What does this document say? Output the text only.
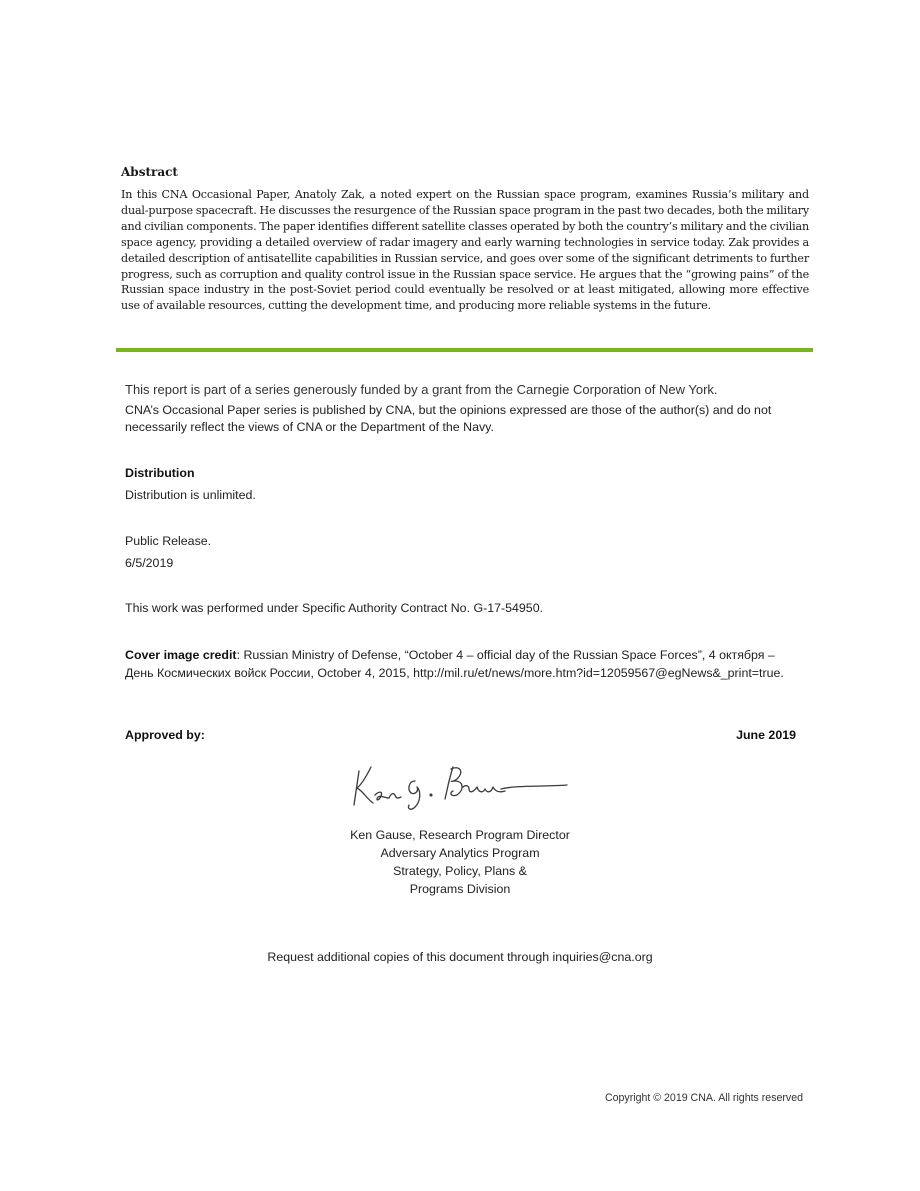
Abstract
In this CNA Occasional Paper, Anatoly Zak, a noted expert on the Russian space program, examines Russia’s military and dual-purpose spacecraft. He discusses the resurgence of the Russian space program in the past two decades, both the military and civilian components. The paper identifies different satellite classes operated by both the country’s military and the civilian space agency, providing a detailed overview of radar imagery and early warning technologies in service today. Zak provides a detailed description of antisatellite capabilities in Russian service, and goes over some of the significant detriments to further progress, such as corruption and quality control issue in the Russian space service. He argues that the “growing pains” of the Russian space industry in the post-Soviet period could eventually be resolved or at least mitigated, allowing more effective use of available resources, cutting the development time, and producing more reliable systems in the future.
This report is part of a series generously funded by a grant from the Carnegie Corporation of New York.
CNA’s Occasional Paper series is published by CNA, but the opinions expressed are those of the author(s) and do not necessarily reflect the views of CNA or the Department of the Navy.
Distribution
Distribution is unlimited.
Public Release.
6/5/2019
This work was performed under Specific Authority Contract No. G-17-54950.
Cover image credit: Russian Ministry of Defense, “October 4 – official day of the Russian Space Forces”, 4 октября – День Космических войск России, October 4, 2015, http://mil.ru/et/news/more.htm?id=12059567@egNews&_print=true.
Approved by:	June 2019
Ken Gause, Research Program Director
Adversary Analytics Program
Strategy, Policy, Plans &
Programs Division
Request additional copies of this document through inquiries@cna.org
Copyright © 2019 CNA. All rights reserved
